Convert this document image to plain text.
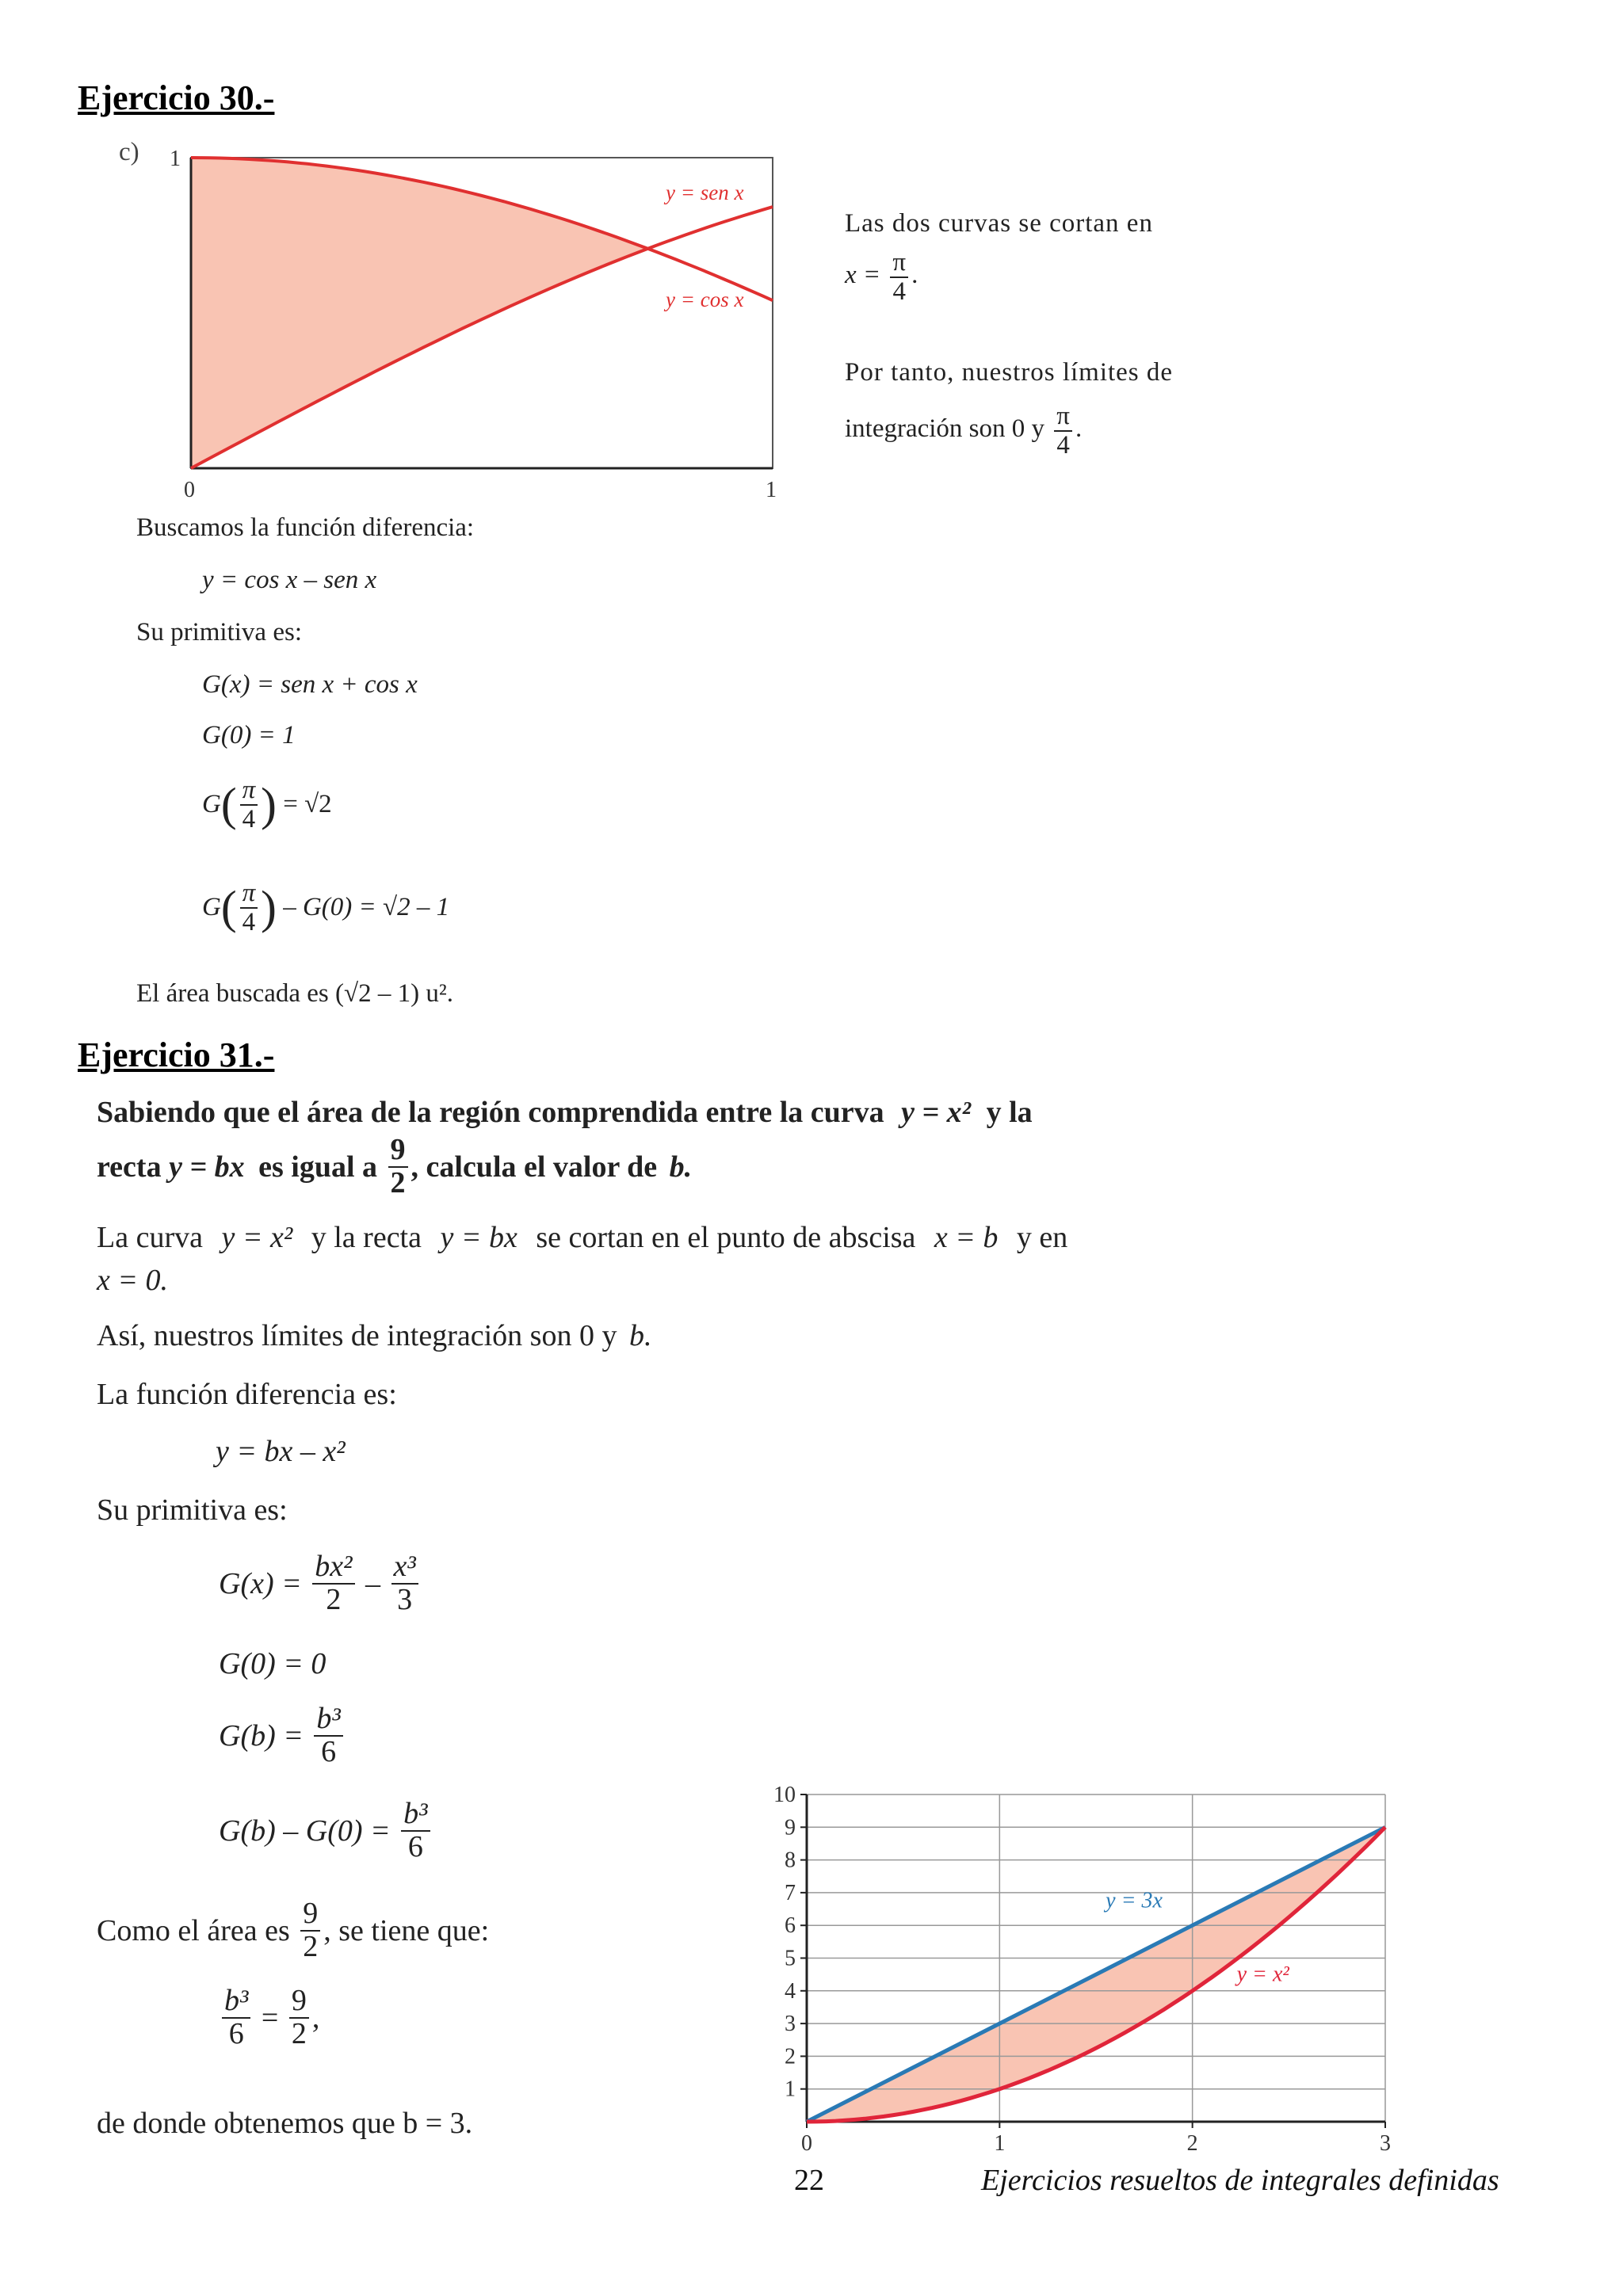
Ejercicio 30.-
c) 1
0	1
y = sen x
y = cos x
Las dos curvas se cortan en
$x = \frac{\pi}{4}$ .
Por tanto, nuestros límites de
integración son 0 y $\frac{\pi}{4}$ .
Buscamos la función diferencia:
y = cos x – sen x
Su primitiva es:
G(x) = sen x + cos x
G(0) = 1
$G( \frac{\pi}{4}$ ) = √2
$G( \frac{\pi}{4}$ ) – G(0) = √2 – 1
El área buscada es (√2 – 1) u².
Ejercicio 31.-
Sabiendo que el área de la región comprendida entre la curva y = x² y la
recta y = bx es igual a $\frac{9}{2}$ , calcula el valor de b.
La curva y = x² y la recta y = bx se cortan en el punto de abscisa x = b y en
x = 0.
Así, nuestros límites de integración son 0 y b.
La función diferencia es:
y = bx – x²
Su primitiva es:
$G(x) = \frac{\text{bx²}}{2} - \frac{\text{x³}}{3}$
G(0) = 0
$G(b) = \frac{\text{b³}}{6}$
$G(b) - G(0) = \frac{\text{b³}}{6}$
Como el área es $\frac{9}{2}$ , se tiene que:
$\frac{\text{b³}}{6} = \frac{9}{2}$ ,
de donde obtenemos que b = 3.
1
2
3
4
5
6
7
8
9
10
0	1	2	3
y = 3x
y = x²
22	Ejercicios resueltos de integrales definidas
